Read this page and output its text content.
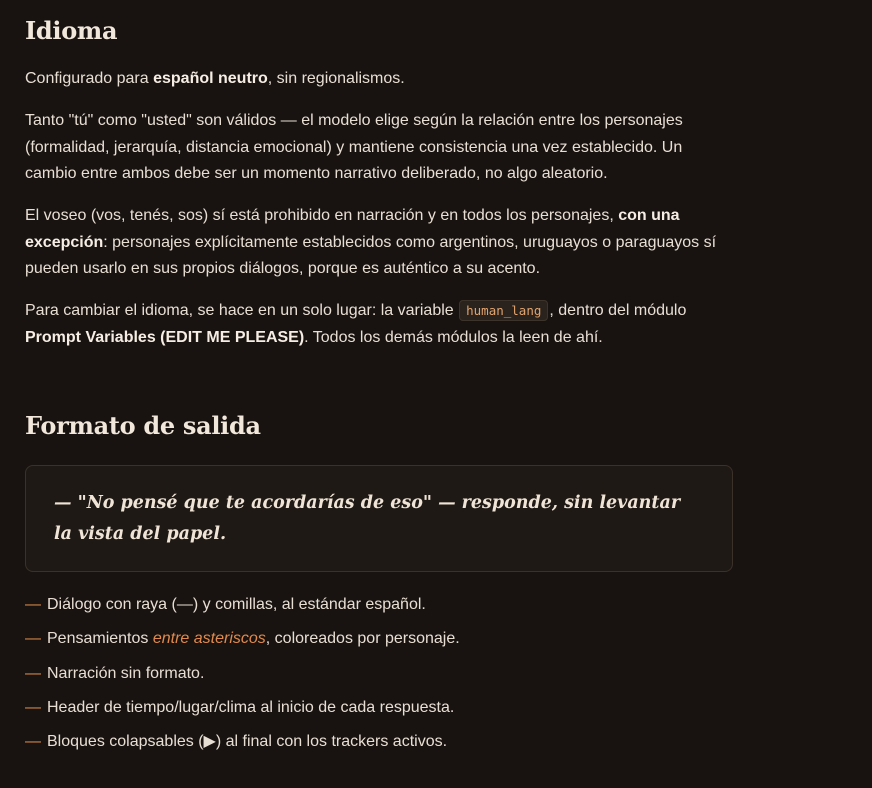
Idioma

Configurado para español neutro, sin regionalismos.

Tanto "tú" como "usted" son válidos — el modelo elige según la relación entre los personajes (formalidad, jerarquía, distancia emocional) y mantiene consistencia una vez establecido. Un cambio entre ambos debe ser un momento narrativo deliberado, no algo aleatorio.

El voseo (vos, tenés, sos) sí está prohibido en narración y en todos los personajes, con una excepción: personajes explícitamente establecidos como argentinos, uruguayos o paraguayos sí pueden usarlo en sus propios diálogos, porque es auténtico a su acento.

Para cambiar el idioma, se hace en un solo lugar: la variable human_lang , dentro del módulo Prompt Variables (EDIT ME PLEASE). Todos los demás módulos la leen de ahí.

Formato de salida
— "No pensé que te acordarías de eso" — responde, sin levantar la vista del papel.
— Diálogo con raya (—) y comillas, al estándar español.
— Pensamientos entre asteriscos, coloreados por personaje.
— Narración sin formato.
— Header de tiempo/lugar/clima al inicio de cada respuesta.
— Bloques colapsables (▶) al final con los trackers activos.
